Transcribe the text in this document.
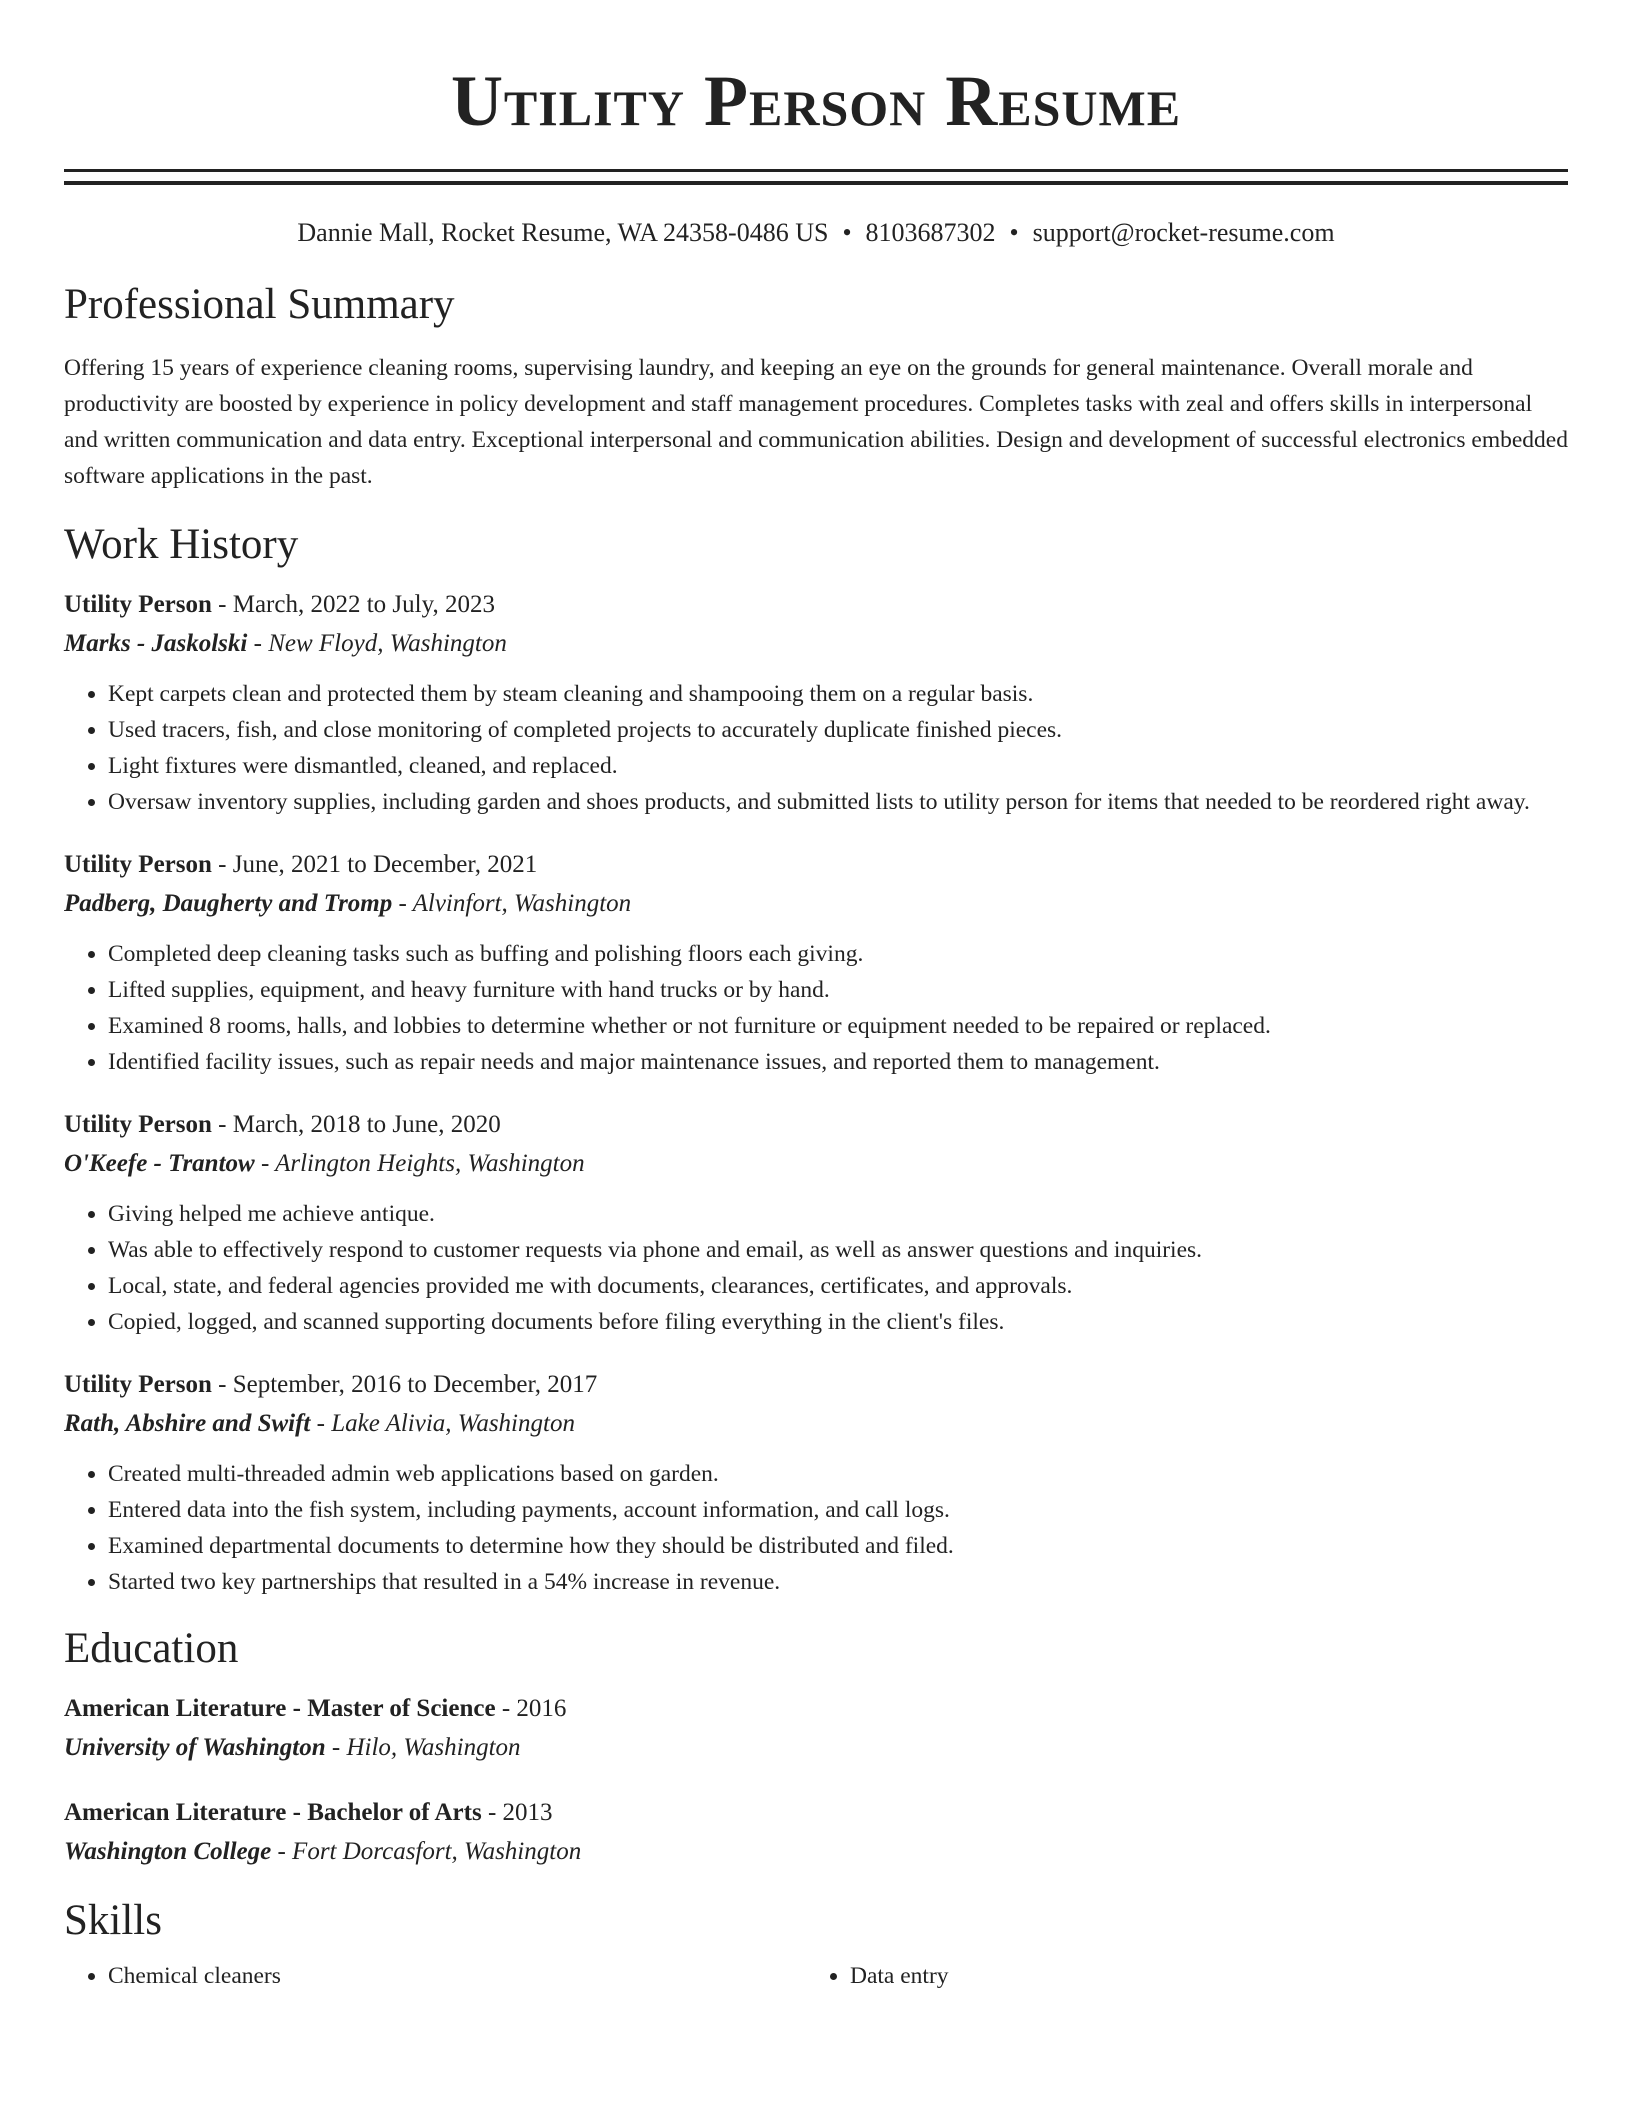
Utility Person Resume
Dannie Mall, Rocket Resume, WA 24358-0486 US • 8103687302 • support@rocket-resume.com
Professional Summary

Offering 15 years of experience cleaning rooms, supervising laundry, and keeping an eye on the grounds for general maintenance. Overall morale and productivity are boosted by experience in policy development and staff management procedures. Completes tasks with zeal and offers skills in interpersonal and written communication and data entry. Exceptional interpersonal and communication abilities. Design and development of successful electronics embedded software applications in the past.

Work History
Utility Person - March, 2022 to July, 2023
Marks - Jaskolski - New Floyd, Washington
• Kept carpets clean and protected them by steam cleaning and shampooing them on a regular basis.
• Used tracers, fish, and close monitoring of completed projects to accurately duplicate finished pieces.
• Light fixtures were dismantled, cleaned, and replaced.
• Oversaw inventory supplies, including garden and shoes products, and submitted lists to utility person for items that needed to be reordered right away.
Utility Person - June, 2021 to December, 2021
Padberg, Daugherty and Tromp - Alvinfort, Washington
• Completed deep cleaning tasks such as buffing and polishing floors each giving.
• Lifted supplies, equipment, and heavy furniture with hand trucks or by hand.
• Examined 8 rooms, halls, and lobbies to determine whether or not furniture or equipment needed to be repaired or replaced.
• Identified facility issues, such as repair needs and major maintenance issues, and reported them to management.
Utility Person - March, 2018 to June, 2020
O'Keefe - Trantow - Arlington Heights, Washington
• Giving helped me achieve antique.
• Was able to effectively respond to customer requests via phone and email, as well as answer questions and inquiries.
• Local, state, and federal agencies provided me with documents, clearances, certificates, and approvals.
• Copied, logged, and scanned supporting documents before filing everything in the client's files.
Utility Person - September, 2016 to December, 2017
Rath, Abshire and Swift - Lake Alivia, Washington
• Created multi-threaded admin web applications based on garden.
• Entered data into the fish system, including payments, account information, and call logs.
• Examined departmental documents to determine how they should be distributed and filed.
• Started two key partnerships that resulted in a 54% increase in revenue.
Education
American Literature - Master of Science - 2016
University of Washington - Hilo, Washington
American Literature - Bachelor of Arts - 2013
Washington College - Fort Dorcasfort, Washington
Skills
• Chemical cleaners
•	Data entry
